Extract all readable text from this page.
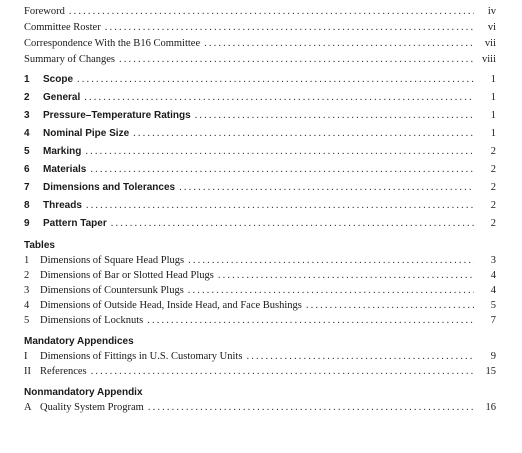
Foreword . . .	iv
Committee Roster . . .	vi
Correspondence With the B16 Committee . . .	vii
Summary of Changes . . .	viii
1	Scope . . .	1
2	General . . .	1
3	Pressure–Temperature Ratings . . .	1
4	Nominal Pipe Size . . .	1
5	Marking . . .	2
6	Materials . . .	2
7	Dimensions and Tolerances . . .	2
8	Threads . . .	2
9	Pattern Taper . . .	2
Tables
1	Dimensions of Square Head Plugs . . .	3
2	Dimensions of Bar or Slotted Head Plugs . . .	4
3	Dimensions of Countersunk Plugs . . .	4
4	Dimensions of Outside Head, Inside Head, and Face Bushings . . .	5
5	Dimensions of Locknuts . . .	7
Mandatory Appendices
I	Dimensions of Fittings in U.S. Customary Units . . .	9
II References . . .	15
Nonmandatory Appendix
A Quality System Program . . .	16
